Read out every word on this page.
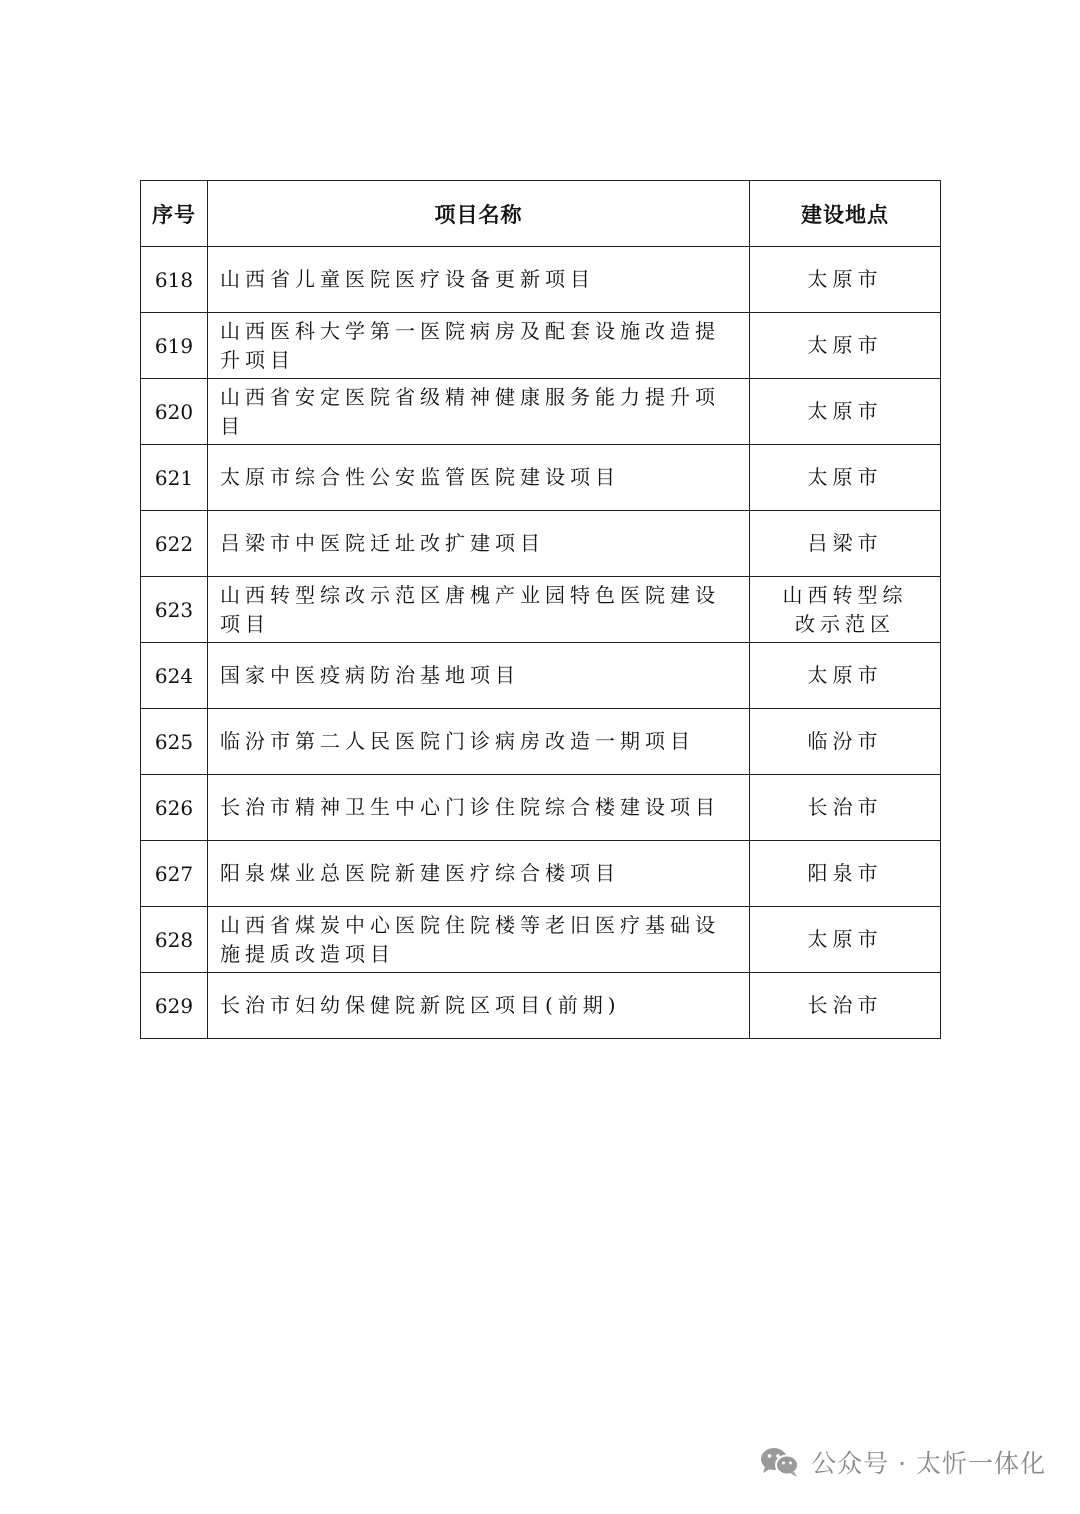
序号	项目名称	建设地点
618	山西省儿童医院医疗设备更新项目	太原市
619	山西医科大学第一医院病房及配套设施改造提升项目	太原市
620	山西省安定医院省级精神健康服务能力提升项目	太原市
621	太原市综合性公安监管医院建设项目	太原市
622	吕梁市中医院迁址改扩建项目	吕梁市
623	山西转型综改示范区唐槐产业园特色医院建设项目	山西转型综改示范区
624	国家中医疫病防治基地项目	太原市
625	临汾市第二人民医院门诊病房改造一期项目	临汾市
626	长治市精神卫生中心门诊住院综合楼建设项目	长治市
627	阳泉煤业总医院新建医疗综合楼项目	阳泉市
628	山西省煤炭中心医院住院楼等老旧医疗基础设施提质改造项目	太原市
629	长治市妇幼保健院新院区项目(前期)	长治市
公众号 · 太忻一体化
